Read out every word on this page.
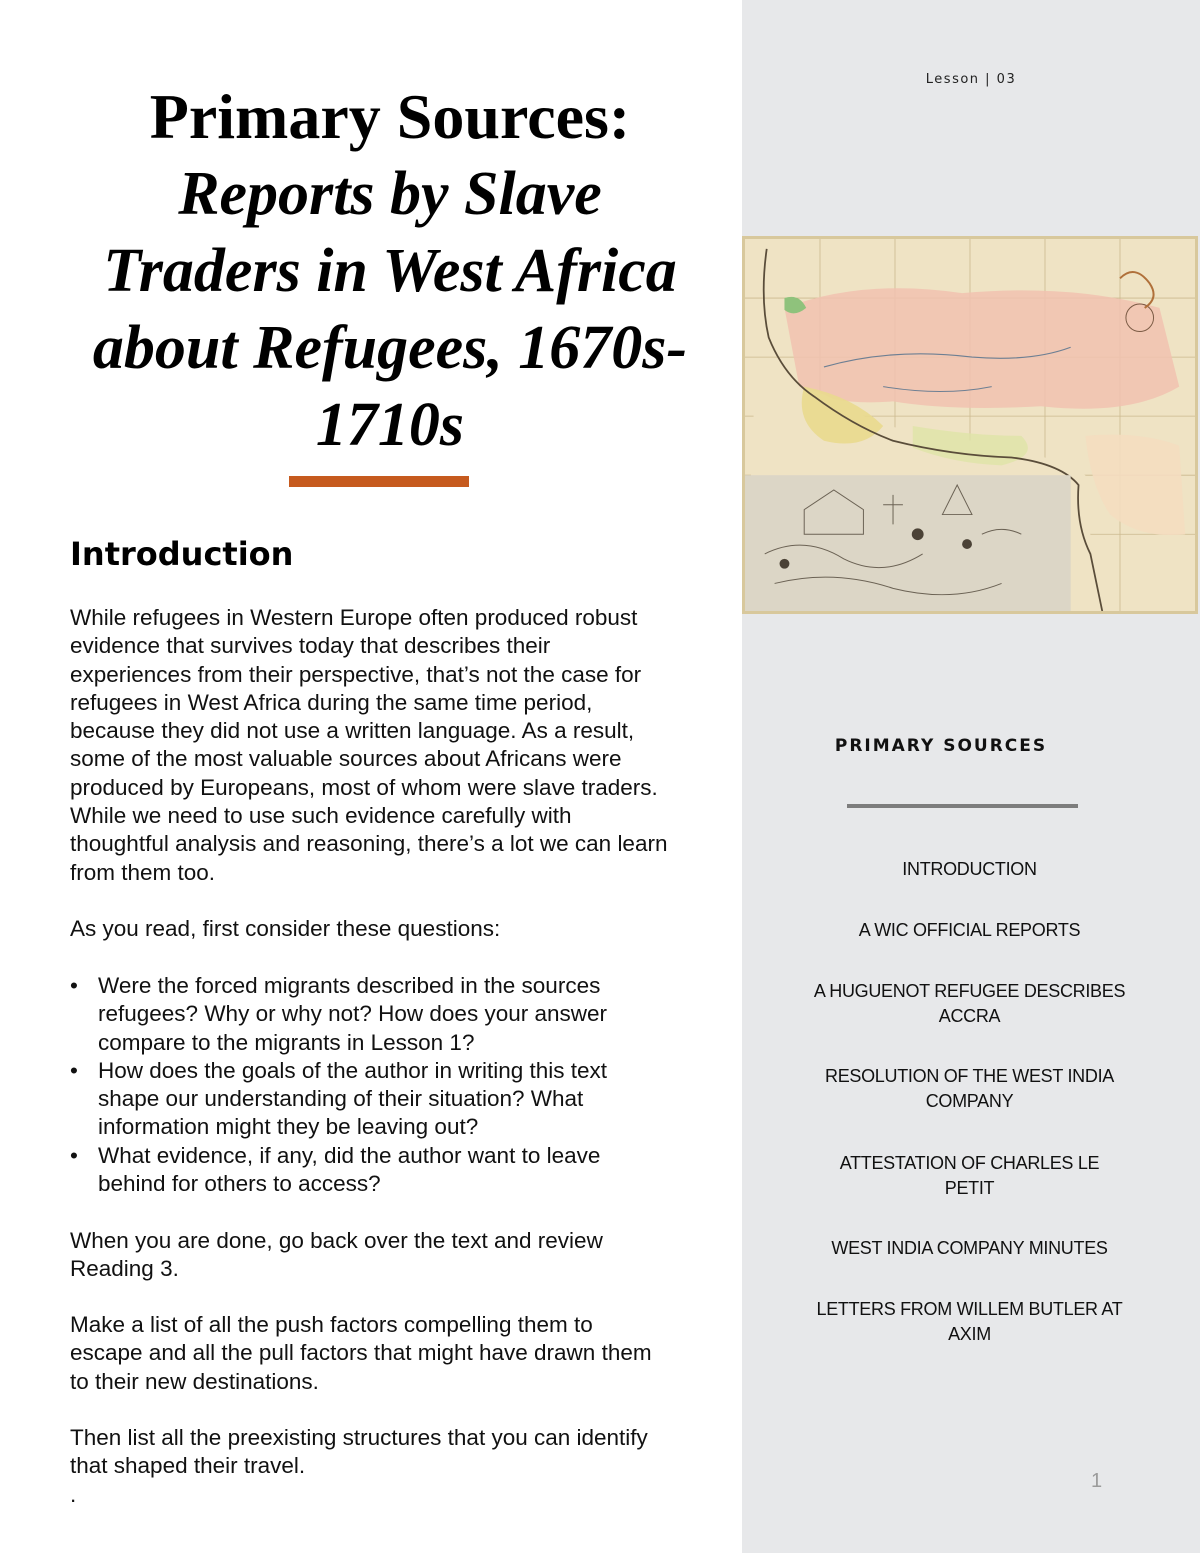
Primary Sources:
Reports by Slave
Traders in West Africa
about Refugees, 1670s-
1710s
Introduction

While refugees in Western Europe often produced robust
evidence that survives today that describes their
experiences from their perspective, that’s not the case for
refugees in West Africa during the same time period,
because they did not use a written language. As a result,
some of the most valuable sources about Africans were
produced by Europeans, most of whom were slave traders.
While we need to use such evidence carefully with
thoughtful analysis and reasoning, there’s a lot we can learn
from them too.

As you read, first consider these questions:

• Were the forced migrants described in the sources
refugees? Why or why not? How does your answer
compare to the migrants in Lesson 1?
• How does the goals of the author in writing this text
shape our understanding of their situation? What
information might they be leaving out?
• What evidence, if any, did the author want to leave
behind for others to access?

When you are done, go back over the text and review
Reading 3.

Make a list of all the push factors compelling them to
escape and all the pull factors that might have drawn them
to their new destinations.

Then list all the preexisting structures that you can identify
that shaped their travel.
.

Lesson | 03
PRIMARY SOURCES
INTRODUCTION
A WIC OFFICIAL REPORTS
A HUGUENOT REFUGEE DESCRIBES
ACCRA
RESOLUTION OF THE WEST INDIA
COMPANY
ATTESTATION OF CHARLES LE
PETIT
WEST INDIA COMPANY MINUTES
LETTERS FROM WILLEM BUTLER AT
AXIM
1
